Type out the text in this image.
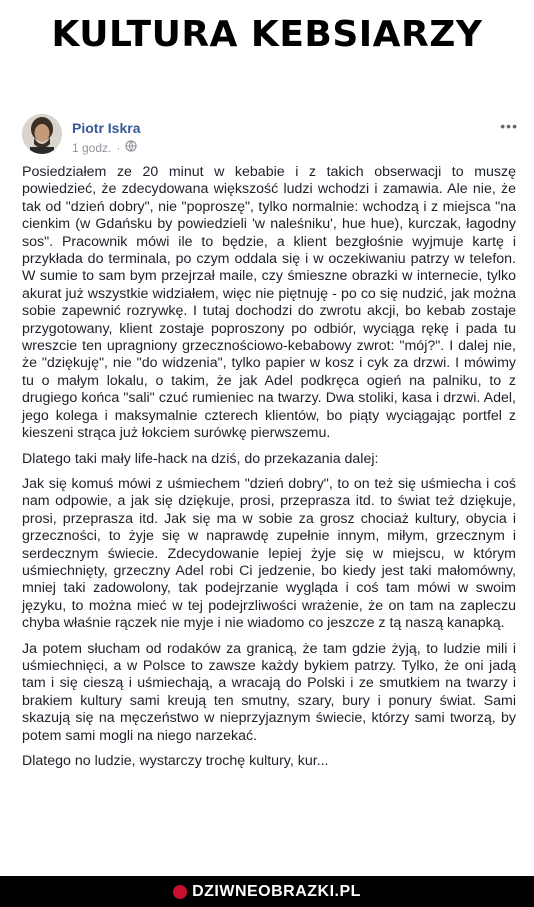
KULTURA KEBSIARZY
Piotr Iskra
1 godz. ·
•••

Posiedziałem ze 20 minut w kebabie i z takich obserwacji to muszę powiedzieć, że zdecydowana większość ludzi wchodzi i zamawia. Ale nie, że tak od "dzień dobry", nie "poproszę", tylko normalnie: wchodzą i z miejsca "na cienkim (w Gdańsku by powiedzieli 'w naleśniku', hue hue), kurczak, łagodny sos". Pracownik mówi ile to będzie, a klient bezgłośnie wyjmuje kartę i przykłada do terminala, po czym oddala się i w oczekiwaniu patrzy w telefon. W sumie to sam bym przejrzał maile, czy śmieszne obrazki w internecie, tylko akurat już wszystkie widziałem, więc nie piętnuję - po co się nudzić, jak można sobie zapewnić rozrywkę. I tutaj dochodzi do zwrotu akcji, bo kebab zostaje przygotowany, klient zostaje poproszony po odbiór, wyciąga rękę i pada tu wreszcie ten upragniony grzecznościowo-kebabowy zwrot: "mój?". I dalej nie, że "dziękuję", nie "do widzenia", tylko papier w kosz i cyk za drzwi. I mówimy tu o małym lokalu, o takim, że jak Adel podkręca ogień na palniku, to z drugiego końca "sali" czuć rumieniec na twarzy. Dwa stoliki, kasa i drzwi. Adel, jego kolega i maksymalnie czterech klientów, bo piąty wyciągając portfel z kieszeni strąca już łokciem surówkę pierwszemu.

Dlatego taki mały life-hack na dziś, do przekazania dalej:

Jak się komuś mówi z uśmiechem "dzień dobry", to on też się uśmiecha i coś nam odpowie, a jak się dziękuje, prosi, przeprasza itd. to świat też dziękuje, prosi, przeprasza itd. Jak się ma w sobie za grosz chociaż kultury, obycia i grzeczności, to żyje się w naprawdę zupełnie innym, miłym, grzecznym i serdecznym świecie. Zdecydowanie lepiej żyje się w miejscu, w którym uśmiechnięty, grzeczny Adel robi Ci jedzenie, bo kiedy jest taki małomówny, mniej taki zadowolony, tak podejrzanie wygląda i coś tam mówi w swoim języku, to można mieć w tej podejrzliwości wrażenie, że on tam na zapleczu chyba właśnie rączek nie myje i nie wiadomo co jeszcze z tą naszą kanapką.

Ja potem słucham od rodaków za granicą, że tam gdzie żyją, to ludzie mili i uśmiechnięci, a w Polsce to zawsze każdy bykiem patrzy. Tylko, że oni jadą tam i się cieszą i uśmiechają, a wracają do Polski i ze smutkiem na twarzy i brakiem kultury sami kreują ten smutny, szary, bury i ponury świat. Sami skazują się na męczeństwo w nieprzyjaznym świecie, którzy sami tworzą, by potem sami mogli na niego narzekać.

Dlatego no ludzie, wystarczy trochę kultury, kur...

DZIWNEOBRAZKI.PL
